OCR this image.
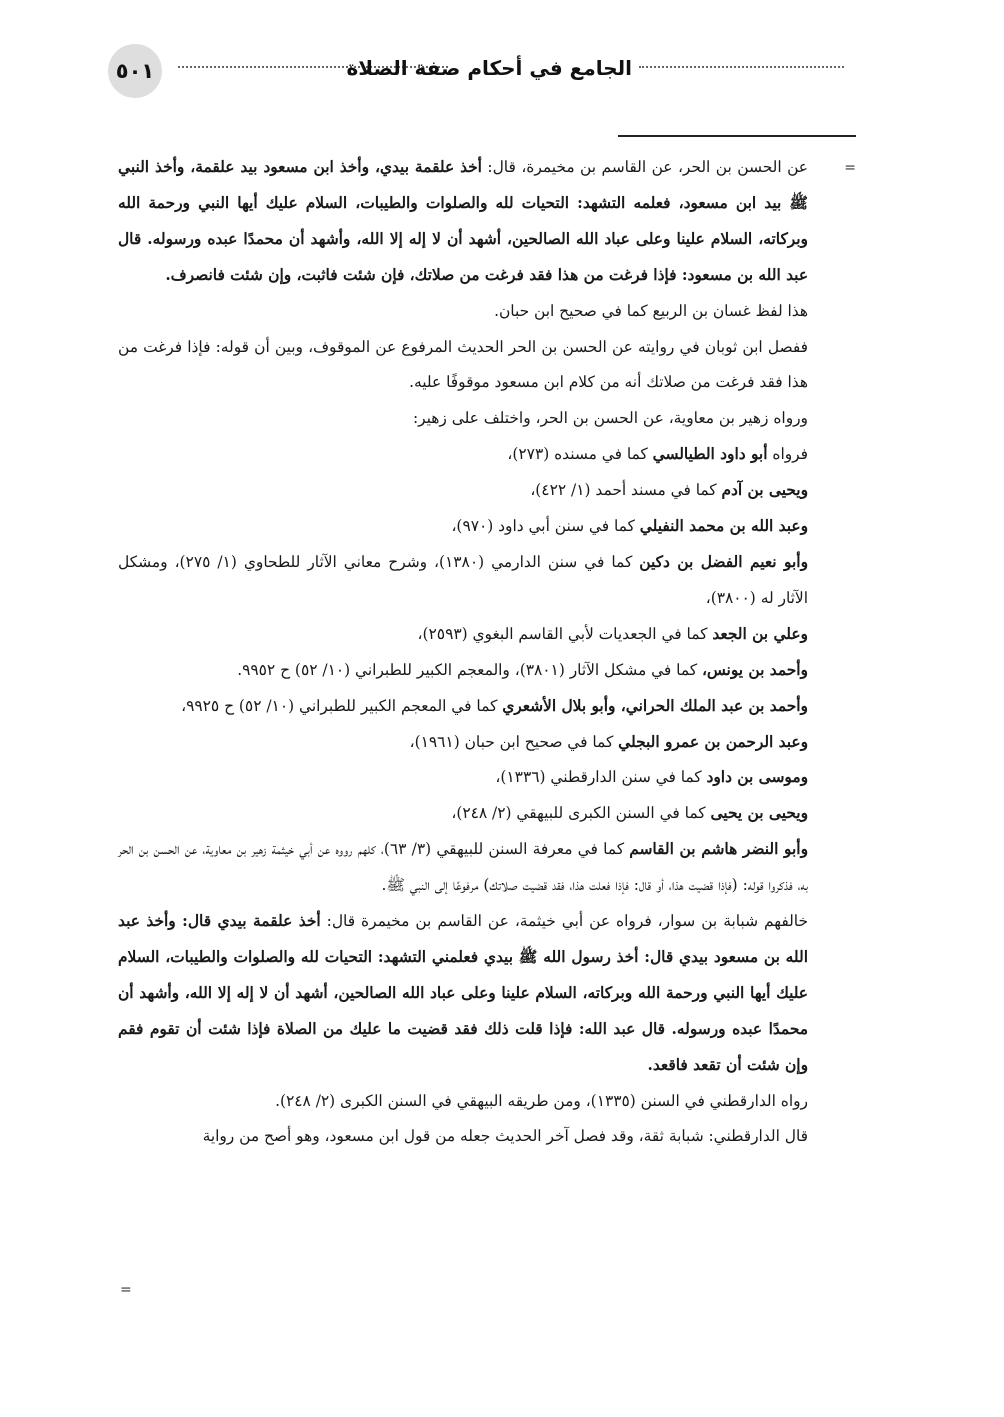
٥٠١	الجامع في أحكام صفة الصلاة
=

عن الحسن بن الحر، عن القاسم بن مخيمرة، قال: أخذ علقمة بيدي، وأخذ ابن مسعود بيد علقمة، وأخذ النبي ﷺ بيد ابن مسعود، فعلمه التشهد: التحيات لله والصلوات والطيبات، السلام عليك أيها النبي ورحمة الله وبركاته، السلام علينا وعلى عباد الله الصالحين، أشهد أن لا إله إلا الله، وأشهد أن محمدًا عبده ورسوله. قال عبد الله بن مسعود: فإذا فرغت من هذا فقد فرغت من صلاتك، فإن شئت فاثبت، وإن شئت فانصرف.

هذا لفظ غسان بن الربيع كما في صحيح ابن حبان.

ففصل ابن ثوبان في روايته عن الحسن بن الحر الحديث المرفوع عن الموقوف، وبين أن قوله: فإذا فرغت من هذا فقد فرغت من صلاتك أنه من كلام ابن مسعود موقوفًا عليه.

ورواه زهير بن معاوية، عن الحسن بن الحر، واختلف على زهير:

فرواه أبو داود الطيالسي كما في مسنده (٢٧٣)،

ويحيى بن آدم كما في مسند أحمد (١/ ٤٢٢)،

وعبد الله بن محمد النفيلي كما في سنن أبي داود (٩٧٠)،

وأبو نعيم الفضل بن دكين كما في سنن الدارمي (١٣٨٠)، وشرح معاني الآثار للطحاوي (١/ ٢٧٥)، ومشكل الآثار له (٣٨٠٠)،

وعلي بن الجعد كما في الجعديات لأبي القاسم البغوي (٢٥٩٣)،

وأحمد بن يونس، كما في مشكل الآثار (٣٨٠١)، والمعجم الكبير للطبراني (١٠/ ٥٢) ح ٩٩٥٢.

وأحمد بن عبد الملك الحراني، وأبو بلال الأشعري كما في المعجم الكبير للطبراني (١٠/ ٥٢) ح ٩٩٢٥،

وعبد الرحمن بن عمرو البجلي كما في صحيح ابن حبان (١٩٦١)،

وموسى بن داود كما في سنن الدارقطني (١٣٣٦)،

ويحيى بن يحيى كما في السنن الكبرى للبيهقي (٢/ ٢٤٨)،

وأبو النضر هاشم بن القاسم كما في معرفة السنن للبيهقي (٣/ ٦٣)، كلهم رووه عن أبي خيثمة زهير بن معاوية، عن الحسن بن الحر به، فذكروا قوله: (فإذا قضيت هذا، أو قال: فإذا فعلت هذا، فقد قضيت صلاتك) مرفوعًا إلى النبي ﷺ.

خالفهم شبابة بن سوار، فرواه عن أبي خيثمة، عن القاسم بن مخيمرة قال: أخذ علقمة بيدي قال: وأخذ عبد الله بن مسعود بيدي قال: أخذ رسول الله ﷺ بيدي فعلمني التشهد: التحيات لله والصلوات والطيبات، السلام عليك أيها النبي ورحمة الله وبركاته، السلام علينا وعلى عباد الله الصالحين، أشهد أن لا إله إلا الله، وأشهد أن محمدًا عبده ورسوله. قال عبد الله: فإذا قلت ذلك فقد قضيت ما عليك من الصلاة فإذا شئت أن تقوم فقم وإن شئت أن تقعد فاقعد.

رواه الدارقطني في السنن (١٣٣٥)، ومن طريقه البيهقي في السنن الكبرى (٢/ ٢٤٨).

قال الدارقطني: شبابة ثقة، وقد فصل آخر الحديث جعله من قول ابن مسعود، وهو أصح من رواية

=
